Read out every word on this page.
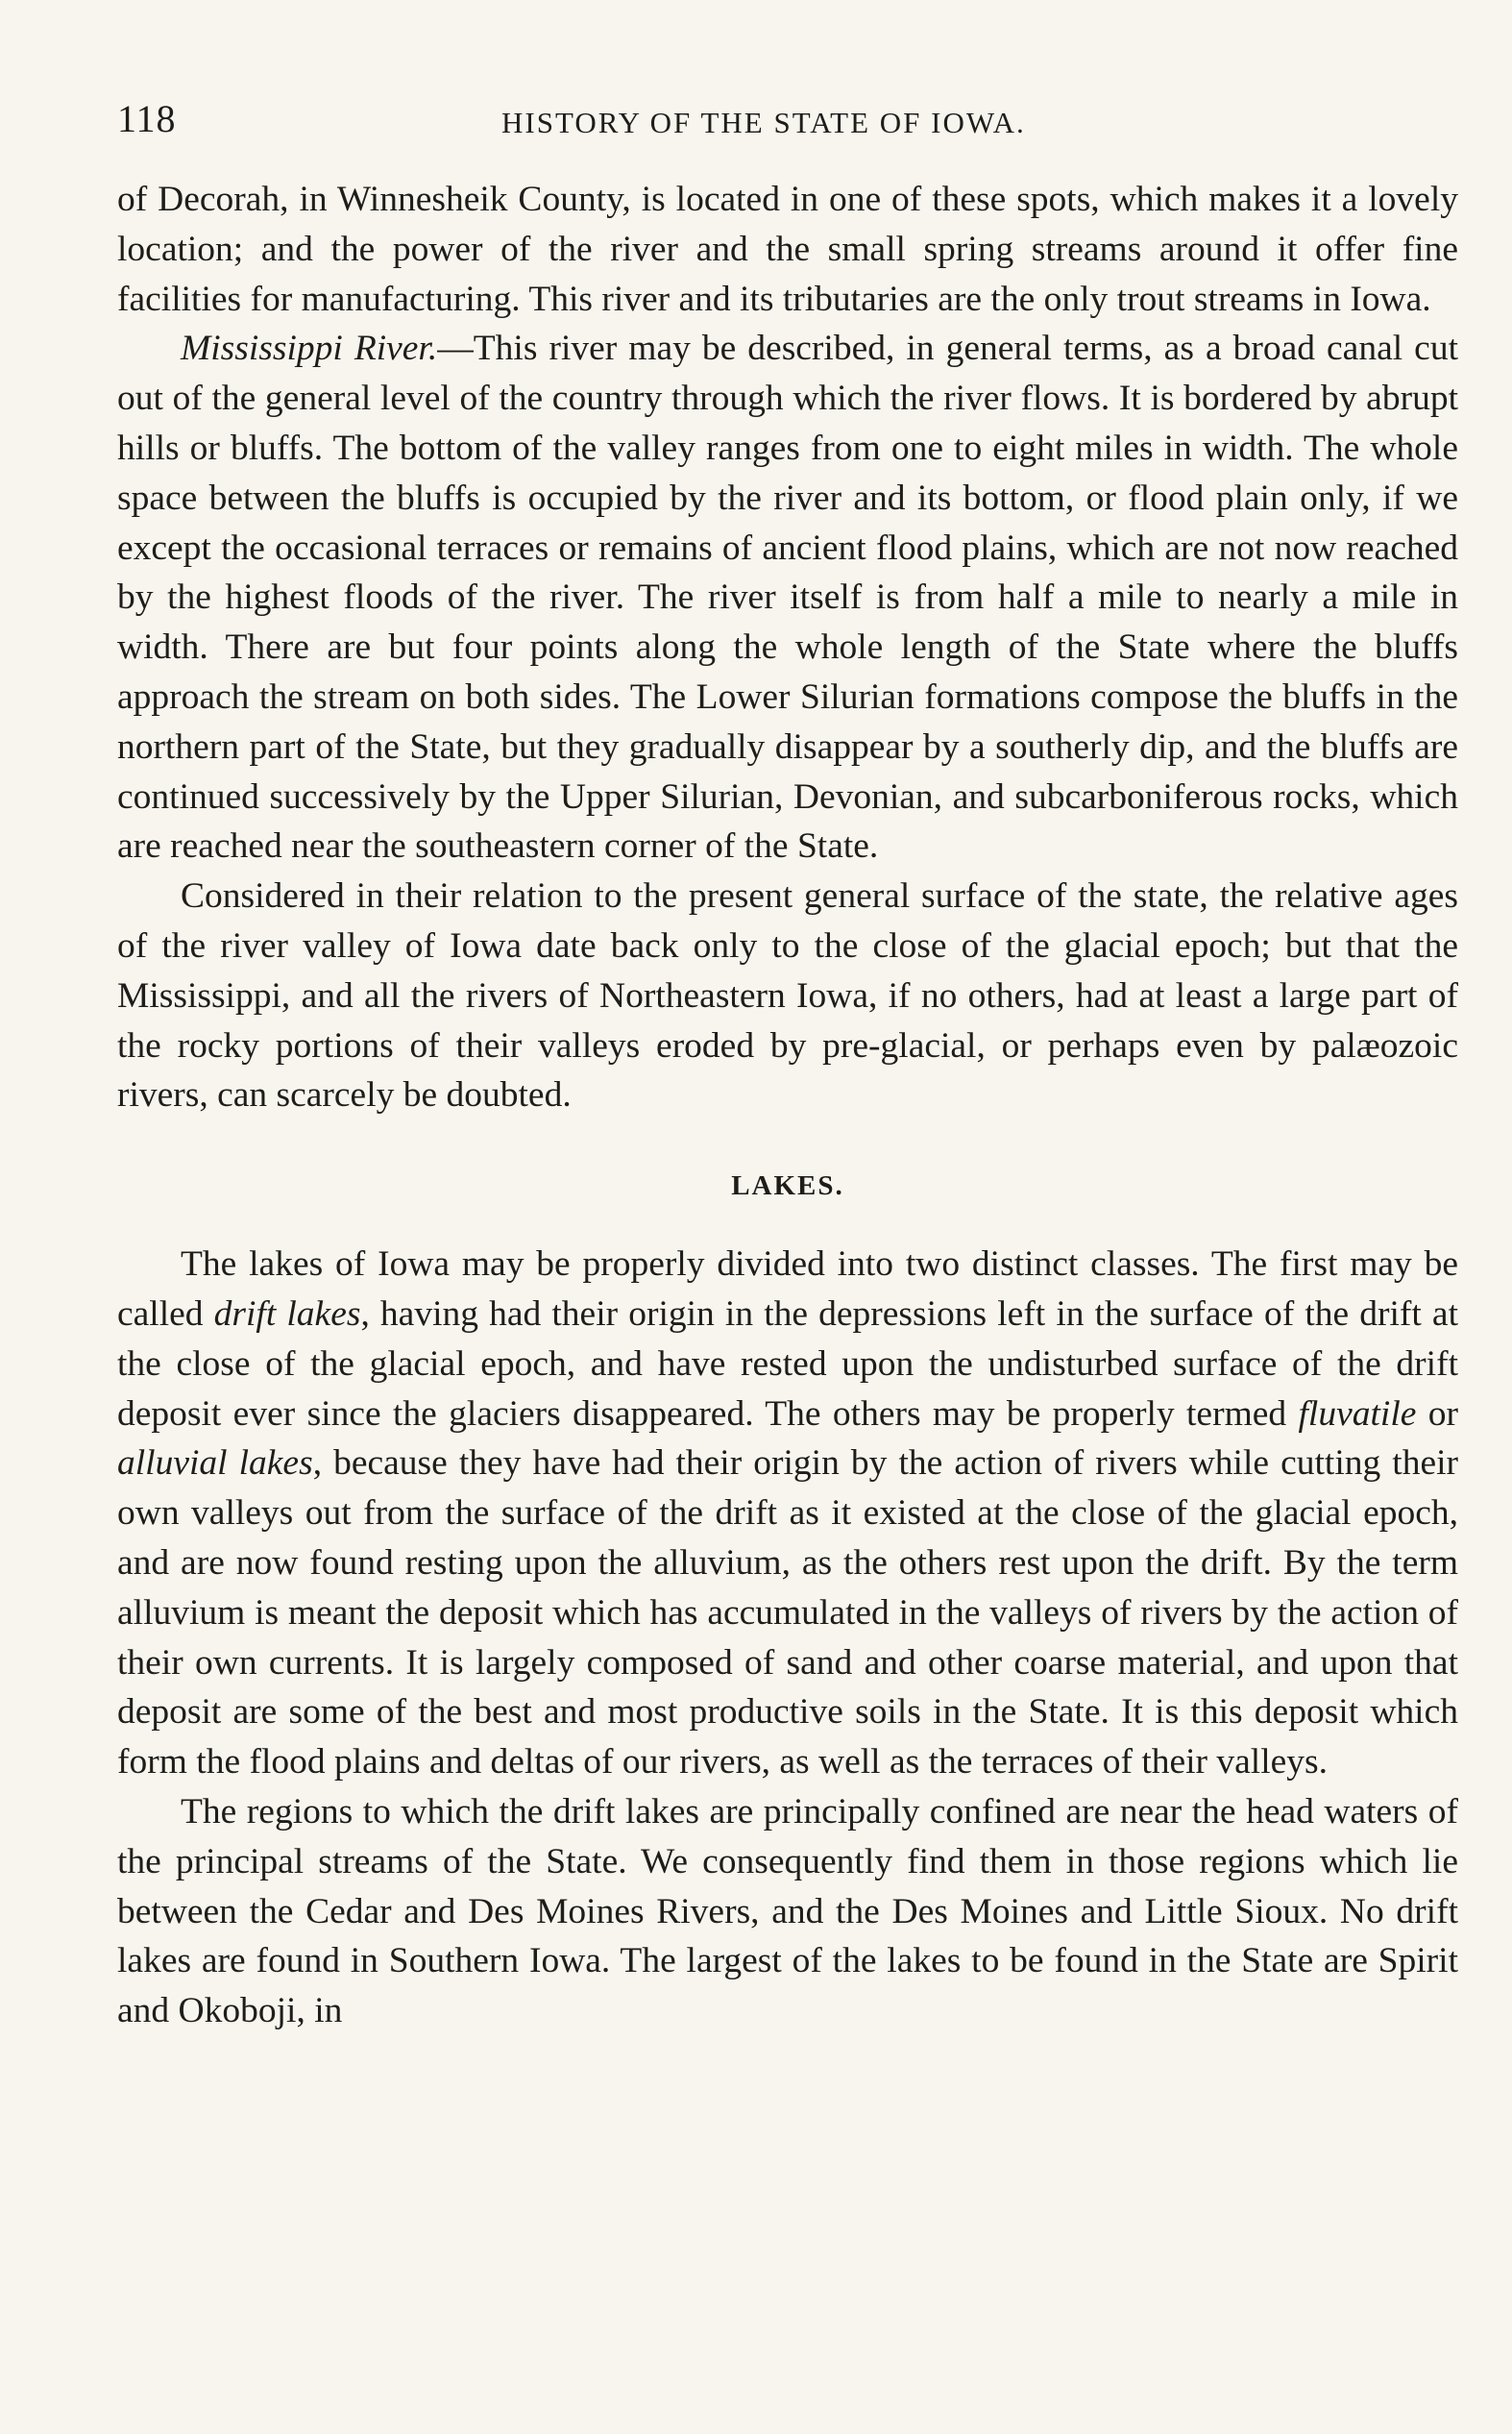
118	HISTORY OF THE STATE OF IOWA.

of Decorah, in Winnesheik County, is located in one of these spots, which makes it a lovely location; and the power of the river and the small spring streams around it offer fine facilities for manufacturing. This river and its tributaries are the only trout streams in Iowa.

Mississippi River.—This river may be described, in general terms, as a broad canal cut out of the general level of the country through which the river flows. It is bordered by abrupt hills or bluffs. The bottom of the valley ranges from one to eight miles in width. The whole space between the bluffs is occupied by the river and its bottom, or flood plain only, if we except the occasional terraces or remains of ancient flood plains, which are not now reached by the highest floods of the river. The river itself is from half a mile to nearly a mile in width. There are but four points along the whole length of the State where the bluffs approach the stream on both sides. The Lower Silurian formations compose the bluffs in the northern part of the State, but they gradually disappear by a southerly dip, and the bluffs are continued successively by the Upper Silurian, Devonian, and subcarboniferous rocks, which are reached near the southeastern corner of the State.

Considered in their relation to the present general surface of the state, the relative ages of the river valley of Iowa date back only to the close of the glacial epoch; but that the Mississippi, and all the rivers of Northeastern Iowa, if no others, had at least a large part of the rocky portions of their valleys eroded by pre-glacial, or perhaps even by palæozoic rivers, can scarcely be doubted.

LAKES.

The lakes of Iowa may be properly divided into two distinct classes. The first may be called drift lakes, having had their origin in the depressions left in the surface of the drift at the close of the glacial epoch, and have rested upon the undisturbed surface of the drift deposit ever since the glaciers disappeared. The others may be properly termed fluvatile or alluvial lakes, because they have had their origin by the action of rivers while cutting their own valleys out from the surface of the drift as it existed at the close of the glacial epoch, and are now found resting upon the alluvium, as the others rest upon the drift. By the term alluvium is meant the deposit which has accumulated in the valleys of rivers by the action of their own currents. It is largely composed of sand and other coarse material, and upon that deposit are some of the best and most productive soils in the State. It is this deposit which form the flood plains and deltas of our rivers, as well as the terraces of their valleys.

The regions to which the drift lakes are principally confined are near the head waters of the principal streams of the State. We consequently find them in those regions which lie between the Cedar and Des Moines Rivers, and the Des Moines and Little Sioux. No drift lakes are found in Southern Iowa. The largest of the lakes to be found in the State are Spirit and Okoboji, in
